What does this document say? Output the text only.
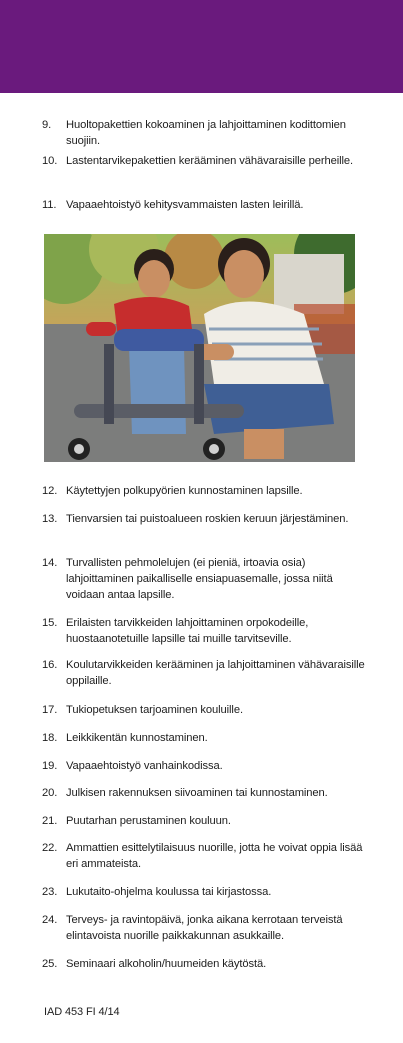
9. Huoltopakettien kokoaminen ja lahjoittaminen kodittomien suojiin.
10. Lastentarvikepakettien kerääminen vähävaraisille perheille.
11. Vapaaehtoistyö kehitysvammaisten lasten leirillä.
12. Käytettyjen polkupyörien kunnostaminen lapsille.
13. Tienvarsien tai puistoalueen roskien keruun järjestäminen.
14. Turvallisten pehmolelujen (ei pieniä, irtoavia osia) lahjoittaminen paikalliselle ensiapuasemalle, jossa niitä voidaan antaa lapsille.
15. Erilaisten tarvikkeiden lahjoittaminen orpokodeille, huostaanotetuille lapsille tai muille tarvitseville.
16. Koulutarvikkeiden kerääminen ja lahjoittaminen vähävaraisille oppilaille.
17. Tukiopetuksen tarjoaminen kouluille.
18. Leikkikentän kunnostaminen.
19. Vapaaehtoistyö vanhainkodissa.
20. Julkisen rakennuksen siivoaminen tai kunnostaminen.
21. Puutarhan perustaminen kouluun.
22. Ammattien esittelytilaisuus nuorille, jotta he voivat oppia lisää eri ammateista.
23. Lukutaito-ohjelma koulussa tai kirjastossa.
24. Terveys- ja ravintopäivä, jonka aikana kerrotaan terveistä elintavoista nuorille paikkakunnan asukkaille.
25. Seminaari alkoholin/huumeiden käytöstä.
IAD 453 FI 4/14
